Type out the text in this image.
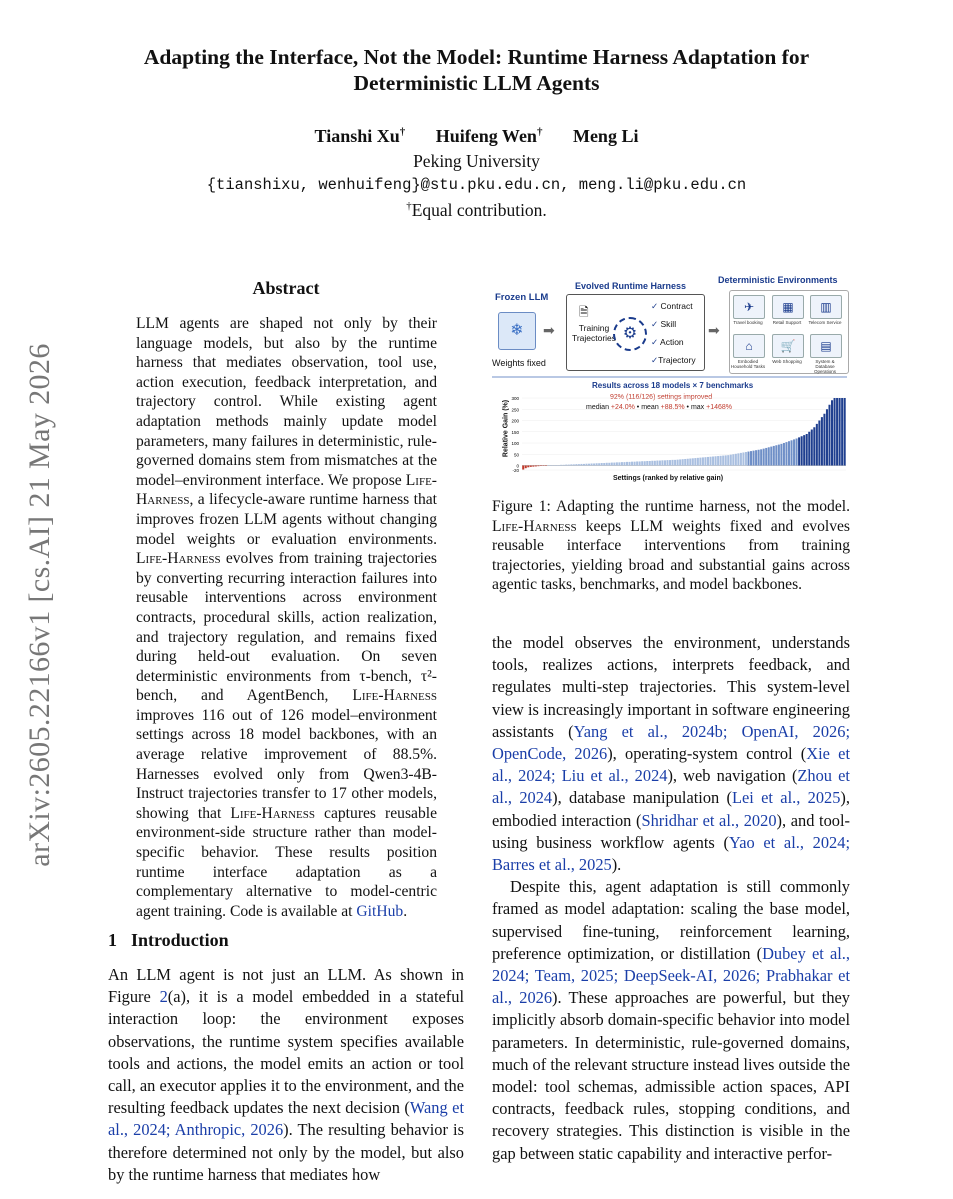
Adapting the Interface, Not the Model: Runtime Harness Adaptation for
Deterministic LLM Agents
Tianshi Xu† Huifeng Wen† Meng Li
Peking University
{tianshixu, wenhuifeng}@stu.pku.edu.cn, meng.li@pku.edu.cn
†Equal contribution.
arXiv:2605.22166v1 [cs.AI] 21 May 2026
Abstract
LLM agents are shaped not only by their language models, but also by the runtime harness that mediates observation, tool use, action execution, feedback interpretation, and trajectory control. While existing agent adaptation methods mainly update model parameters, many failures in deterministic, rule-governed domains stem from mismatches at the model–environment interface. We propose Life-Harness, a lifecycle-aware runtime harness that improves frozen LLM agents without changing model weights or evaluation environments. Life-Harness evolves from training trajectories by converting recurring interaction failures into reusable interventions across environment contracts, procedural skills, action realization, and trajectory regulation, and remains fixed during held-out evaluation. On seven deterministic environments from τ-bench, τ²-bench, and AgentBench, Life-Harness improves 116 out of 126 model–environment settings across 18 model backbones, with an average relative improvement of 88.5%. Harnesses evolved only from Qwen3-4B-Instruct trajectories transfer to 17 other models, showing that Life-Harness captures reusable environment-side structure rather than model-specific behavior. These results position runtime interface adaptation as a complementary alternative to model-centric agent training. Code is available at GitHub.
1 Introduction

An LLM agent is not just an LLM. As shown in Figure 2(a), it is a model embedded in a stateful interaction loop: the environment exposes observations, the runtime system specifies available tools and actions, the model emits an action or tool call, an executor applies it to the environment, and the resulting feedback updates the next decision (Wang et al., 2024; Anthropic, 2026). The resulting behavior is therefore determined not only by the model, but also by the runtime harness that mediates how

the model observes the environment, understands tools, realizes actions, interprets feedback, and regulates multi-step trajectories. This system-level view is increasingly important in software engineering assistants (Yang et al., 2024b; OpenAI, 2026; OpenCode, 2026), operating-system control (Xie et al., 2024; Liu et al., 2024), web navigation (Zhou et al., 2024), database manipulation (Lei et al., 2025), embodied interaction (Shridhar et al., 2020), and tool-using business workflow agents (Yao et al., 2024; Barres et al., 2025).

Despite this, agent adaptation is still commonly framed as model adaptation: scaling the base model, supervised fine-tuning, reinforcement learning, preference optimization, or distillation (Dubey et al., 2024; Team, 2025; DeepSeek-AI, 2026; Prabhakar et al., 2026). These approaches are powerful, but they implicitly absorb domain-specific behavior into model parameters. In deterministic, rule-governed domains, much of the relevant structure instead lives outside the model: tool schemas, admissible action spaces, API contracts, feedback rules, stopping conditions, and recovery strategies. This distinction is visible in the gap between static capability and interactive perfor-

Frozen LLM
❄
Weights fixed
➡
Evolved Runtime Harness
🗎
Training
Trajectories ⚙
✓ Contract
✓ Skill
✓ Action
✓Trajectory
➡
Deterministic Environments
✈	▦	▥
Travel booking	Retail Support	Telecom Service
⌂	🛒	▤
Embodied Household Tasks
Web Shopping	System & Database Operations
Results across 18 models × 7 benchmarks
92% (116/126) settings improved
median +24.0% • mean +88.5% • max +1468%
Relative Gain (%)
Settings (ranked by relative gain)
300
250
200
150
100
50
0
-20
Figure 1: Adapting the runtime harness, not the model. Life-Harness keeps LLM weights fixed and evolves reusable interface interventions from training trajectories, yielding broad and substantial gains across agentic tasks, benchmarks, and model backbones.
